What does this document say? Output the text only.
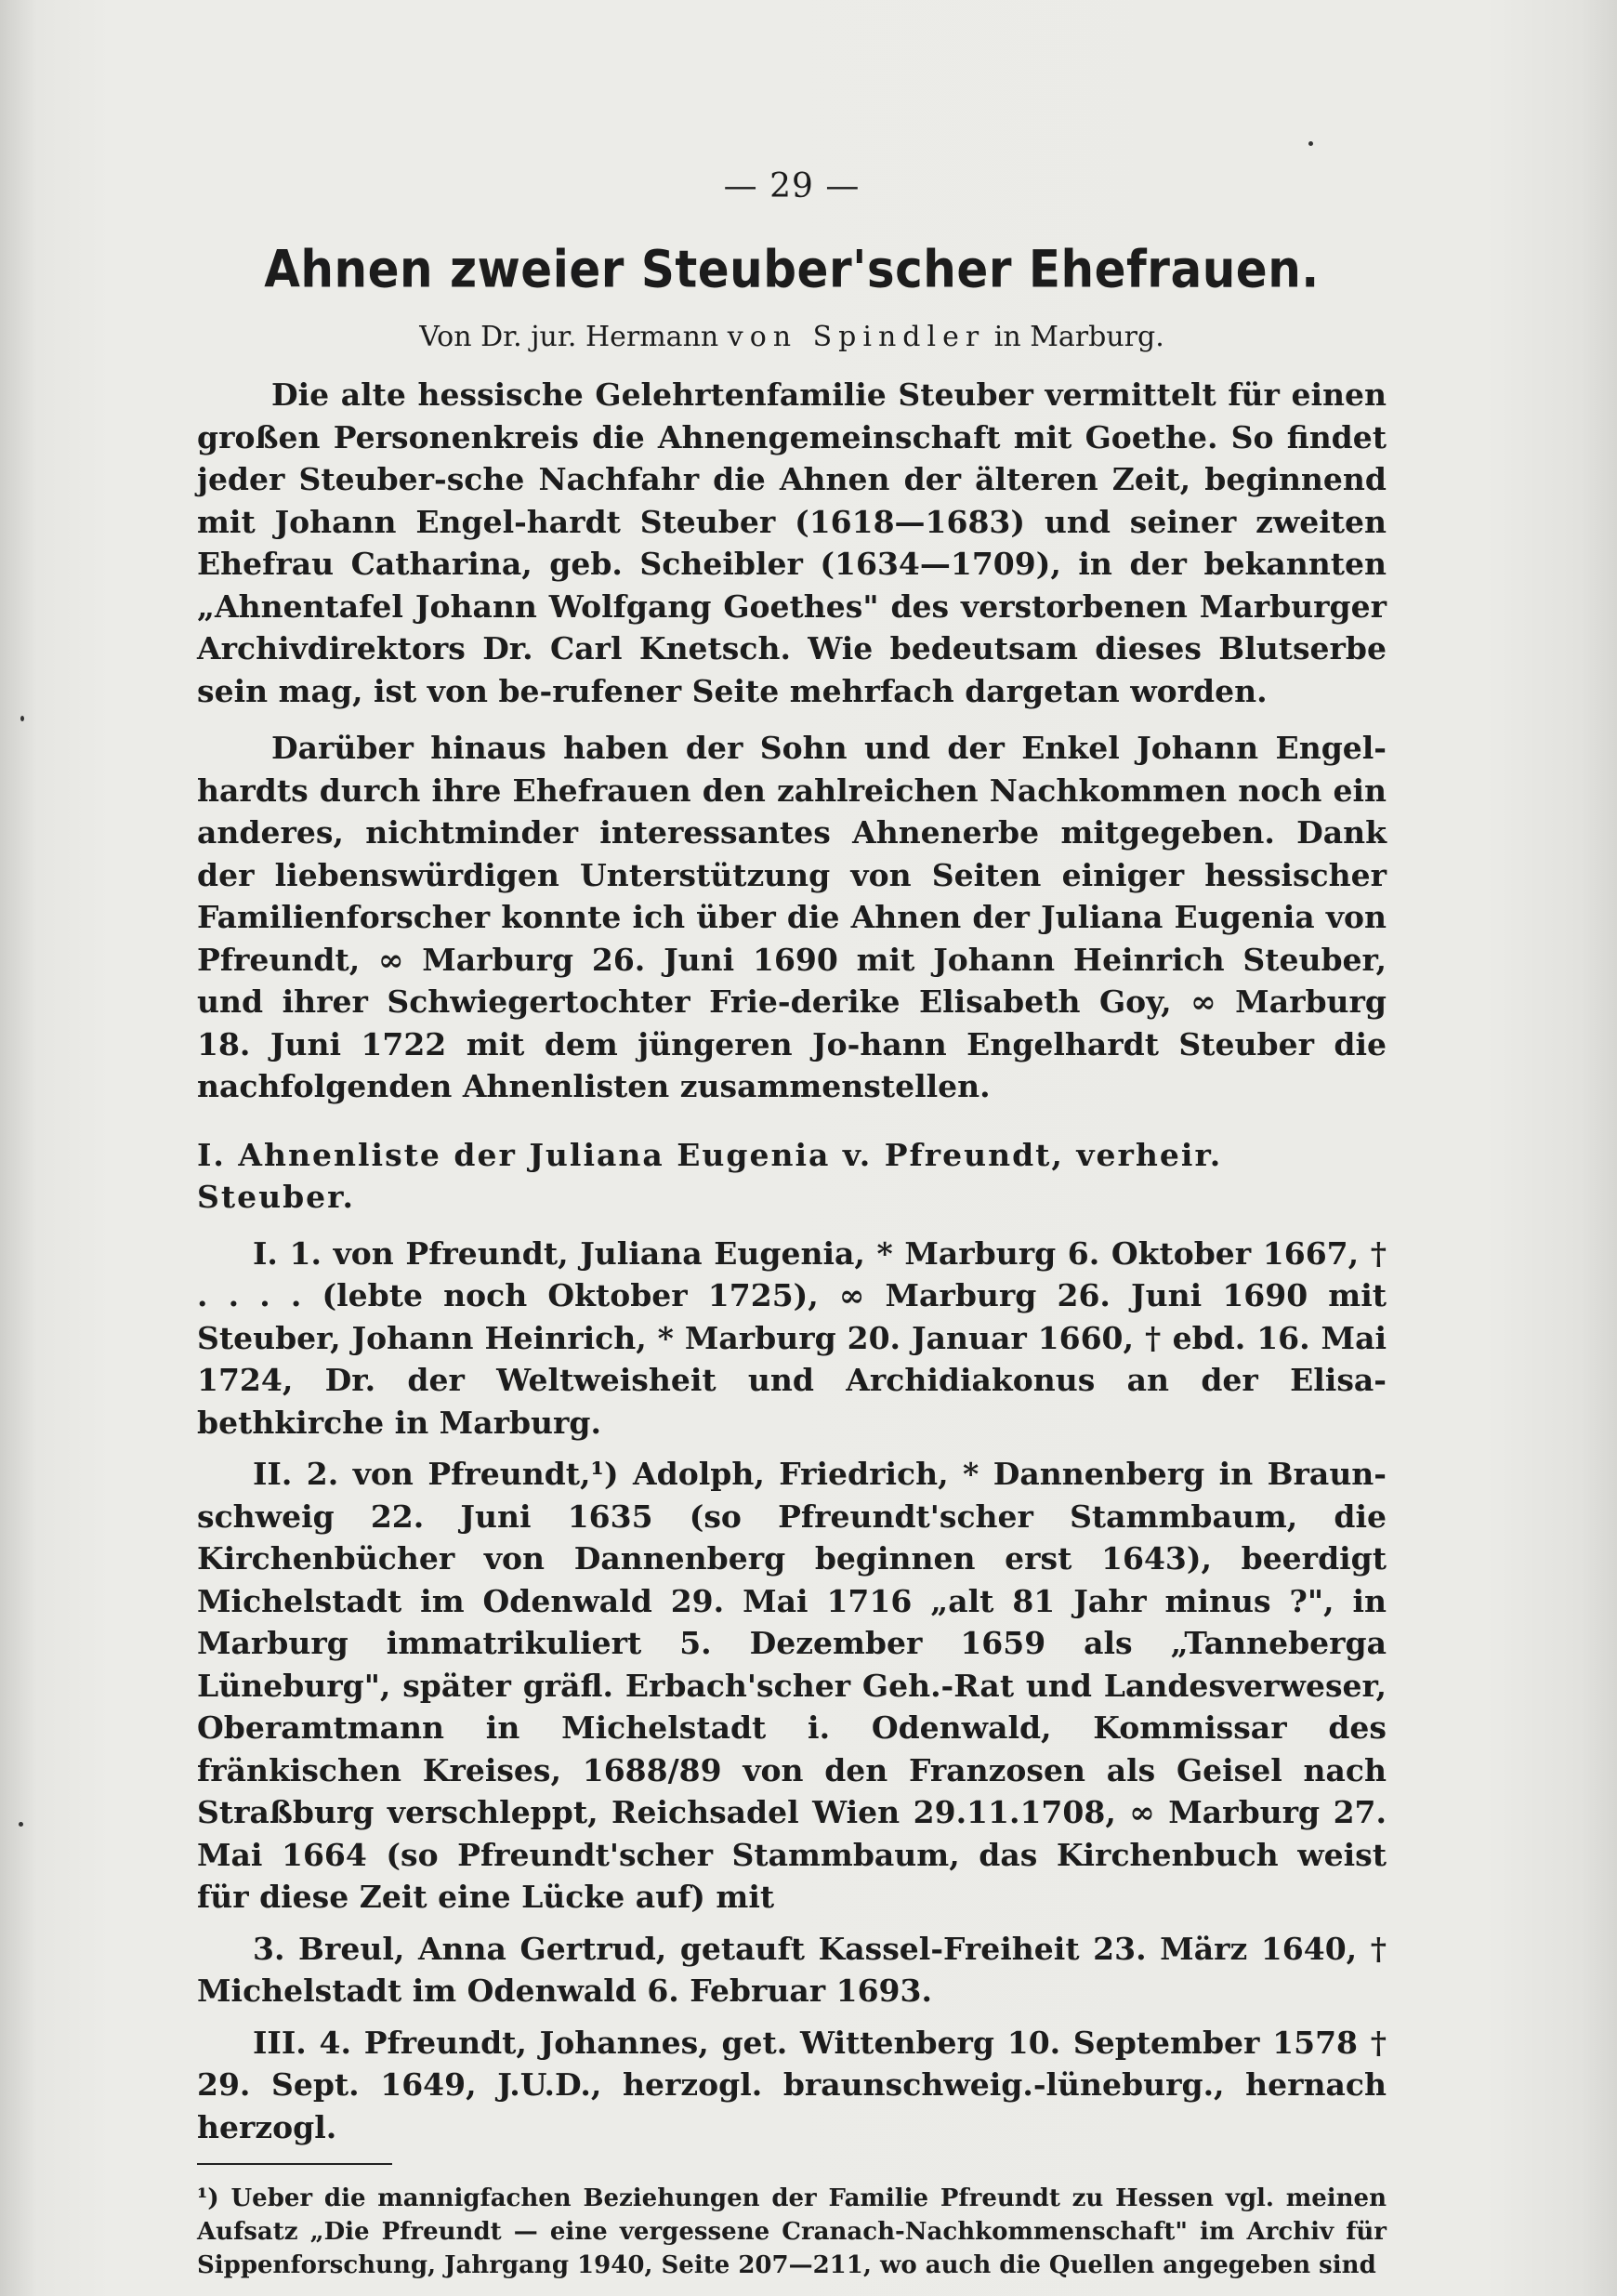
— 29 —
Ahnen zweier Steuber'scher Ehefrauen.
Von Dr. jur. Hermann von Spindler in Marburg.

Die alte hessische Gelehrtenfamilie Steuber vermittelt für einen großen Personenkreis die Ahnengemeinschaft mit Goethe. So findet jeder Steuber-sche Nachfahr die Ahnen der älteren Zeit, beginnend mit Johann Engel-hardt Steuber (1618—1683) und seiner zweiten Ehefrau Catharina, geb. Scheibler (1634—1709), in der bekannten „Ahnentafel Johann Wolfgang Goethes" des verstorbenen Marburger Archivdirektors Dr. Carl Knetsch. Wie bedeutsam dieses Blutserbe sein mag, ist von be-rufener Seite mehrfach dargetan worden.

Darüber hinaus haben der Sohn und der Enkel Johann Engel-hardts durch ihre Ehefrauen den zahlreichen Nachkommen noch ein anderes, nichtminder interessantes Ahnenerbe mitgegeben. Dank der liebenswürdigen Unterstützung von Seiten einiger hessischer Familienforscher konnte ich über die Ahnen der Juliana Eugenia von Pfreundt, ∞ Marburg 26. Juni 1690 mit Johann Heinrich Steuber, und ihrer Schwiegertochter Frie-derike Elisabeth Goy, ∞ Marburg 18. Juni 1722 mit dem jüngeren Jo-hann Engelhardt Steuber die nachfolgenden Ahnenlisten zusammenstellen.

I. Ahnenliste der Juliana Eugenia v. Pfreundt, verheir. Steuber.

I. 1. von Pfreundt, Juliana Eugenia, * Marburg 6. Oktober 1667, † . . . . (lebte noch Oktober 1725), ∞ Marburg 26. Juni 1690 mit Steuber, Johann Heinrich, * Marburg 20. Januar 1660, † ebd. 16. Mai 1724, Dr. der Weltweisheit und Archidiakonus an der Elisa-bethkirche in Marburg.

II. 2. von Pfreundt,¹) Adolph, Friedrich, * Dannenberg in Braun-schweig 22. Juni 1635 (so Pfreundt'scher Stammbaum, die Kirchenbücher von Dannenberg beginnen erst 1643), beerdigt Michelstadt im Odenwald 29. Mai 1716 „alt 81 Jahr minus ?", in Marburg immatrikuliert 5. Dezember 1659 als „Tanneberga Lüneburg", später gräfl. Erbach'scher Geh.-Rat und Landesverweser, Oberamtmann in Michelstadt i. Odenwald, Kommissar des fränkischen Kreises, 1688/89 von den Franzosen als Geisel nach Straßburg verschleppt, Reichsadel Wien 29.11.1708, ∞ Marburg 27. Mai 1664 (so Pfreundt'scher Stammbaum, das Kirchenbuch weist für diese Zeit eine Lücke auf) mit

3. Breul, Anna Gertrud, getauft Kassel-Freiheit 23. März 1640, † Michelstadt im Odenwald 6. Februar 1693.

III. 4. Pfreundt, Johannes, get. Wittenberg 10. September 1578 † 29. Sept. 1649, J.U.D., herzogl. braunschweig.-lüneburg., hernach herzogl.

¹) Ueber die mannigfachen Beziehungen der Familie Pfreundt zu Hessen vgl. meinen Aufsatz „Die Pfreundt — eine vergessene Cranach-Nachkommenschaft" im Archiv für Sippenforschung, Jahrgang 1940, Seite 207—211, wo auch die Quellen angegeben sind
